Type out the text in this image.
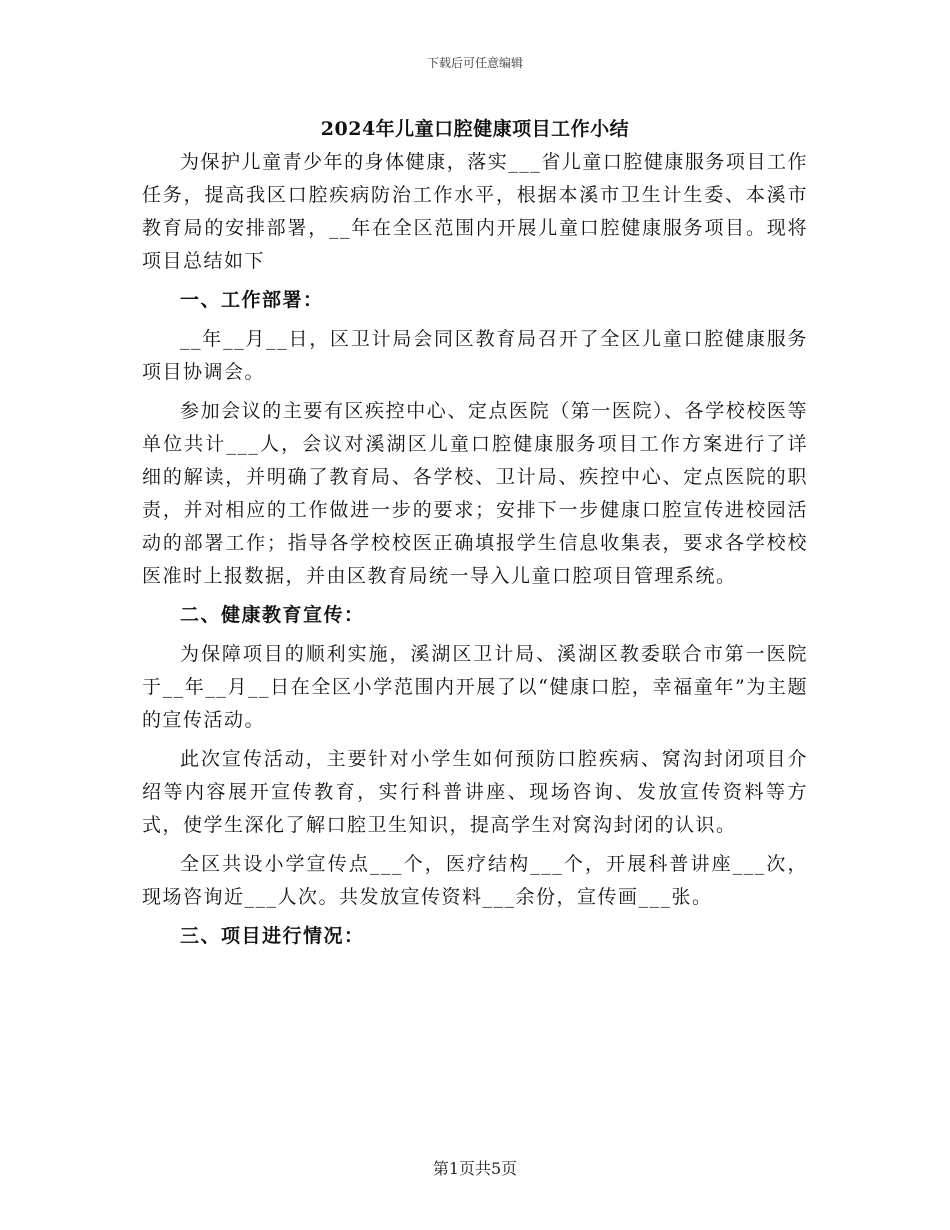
下载后可任意编辑
2024年儿童口腔健康项目工作小结

为保护儿童青少年的身体健康，落实___省儿童口腔健康服务项目工作任务，提高我区口腔疾病防治工作水平，根据本溪市卫生计生委、本溪市教育局的安排部署，__年在全区范围内开展儿童口腔健康服务项目。现将项目总结如下

一、工作部署：

__年__月__日，区卫计局会同区教育局召开了全区儿童口腔健康服务项目协调会。

参加会议的主要有区疾控中心、定点医院（第一医院）、各学校校医等单位共计___人，会议对溪湖区儿童口腔健康服务项目工作方案进行了详细的解读，并明确了教育局、各学校、卫计局、疾控中心、定点医院的职责，并对相应的工作做进一步的要求；安排下一步健康口腔宣传进校园活动的部署工作；指导各学校校医正确填报学生信息收集表，要求各学校校医准时上报数据，并由区教育局统一导入儿童口腔项目管理系统。

二、健康教育宣传：

为保障项目的顺利实施，溪湖区卫计局、溪湖区教委联合市第一医院于__年__月__日在全区小学范围内开展了以“健康口腔，幸福童年”为主题的宣传活动。

此次宣传活动，主要针对小学生如何预防口腔疾病、窝沟封闭项目介绍等内容展开宣传教育，实行科普讲座、现场咨询、发放宣传资料等方式，使学生深化了解口腔卫生知识，提高学生对窝沟封闭的认识。

全区共设小学宣传点___个，医疗结构___个，开展科普讲座___次，现场咨询近___人次。共发放宣传资料___余份，宣传画___张。

三、项目进行情况：
第1页共5页
